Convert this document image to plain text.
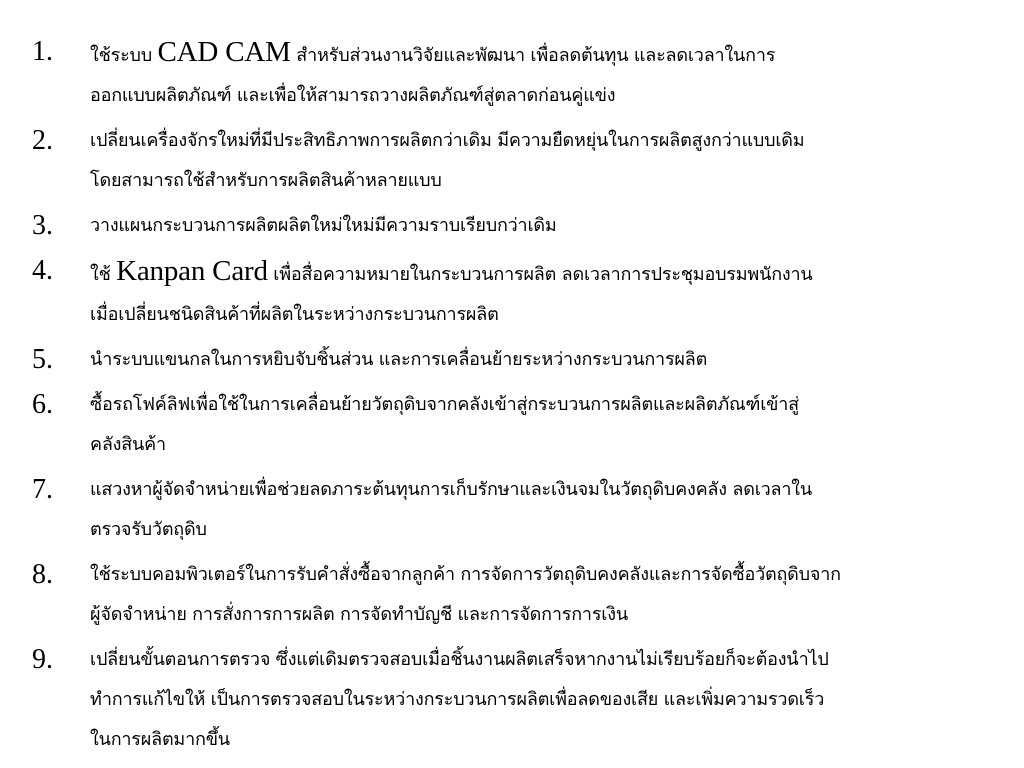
1.	ใช้ระบบ CAD CAM สำหรับส่วนงานวิจัยและพัฒนา เพื่อลดต้นทุน และลดเวลาในการ
ออกแบบผลิตภัณฑ์ และเพื่อให้สามารถวางผลิตภัณฑ์สู่ตลาดก่อนคู่แข่ง
2.	เปลี่ยนเครื่องจักรใหม่ที่มีประสิทธิภาพการผลิตกว่าเดิม มีความยืดหยุ่นในการผลิตสูงกว่าแบบเดิม
โดยสามารถใช้สำหรับการผลิตสินค้าหลายแบบ
3.	วางแผนกระบวนการผลิตผลิตใหม่ใหม่มีความราบเรียบกว่าเดิม
4.	ใช้ Kanpan Card เพื่อสื่อความหมายในกระบวนการผลิต ลดเวลาการประชุมอบรมพนักงาน
เมื่อเปลี่ยนชนิดสินค้าที่ผลิตในระหว่างกระบวนการผลิต
5.	นำระบบแขนกลในการหยิบจับชิ้นส่วน และการเคลื่อนย้ายระหว่างกระบวนการผลิต
6.	ซื้อรถโฟค์ลิฟเพื่อใช้ในการเคลื่อนย้ายวัตถุดิบจากคลังเข้าสู่กระบวนการผลิตและผลิตภัณฑ์เข้าสู่
คลังสินค้า
7.	แสวงหาผู้จัดจำหน่ายเพื่อช่วยลดภาระต้นทุนการเก็บรักษาและเงินจมในวัตถุดิบคงคลัง ลดเวลาใน
ตรวจรับวัตถุดิบ
8.	ใช้ระบบคอมพิวเตอร์ในการรับคำสั่งซื้อจากลูกค้า การจัดการวัตถุดิบคงคลังและการจัดซื้อวัตถุดิบจาก
ผู้จัดจำหน่าย การสั่งการการผลิต การจัดทำบัญชี และการจัดการการเงิน
9.	เปลี่ยนขั้นตอนการตรวจ ซึ่งแต่เดิมตรวจสอบเมื่อชิ้นงานผลิตเสร็จหากงานไม่เรียบร้อยก็จะต้องนำไป
ทำการแก้ไขให้ เป็นการตรวจสอบในระหว่างกระบวนการผลิตเพื่อลดของเสีย และเพิ่มความรวดเร็ว
ในการผลิตมากขึ้น
